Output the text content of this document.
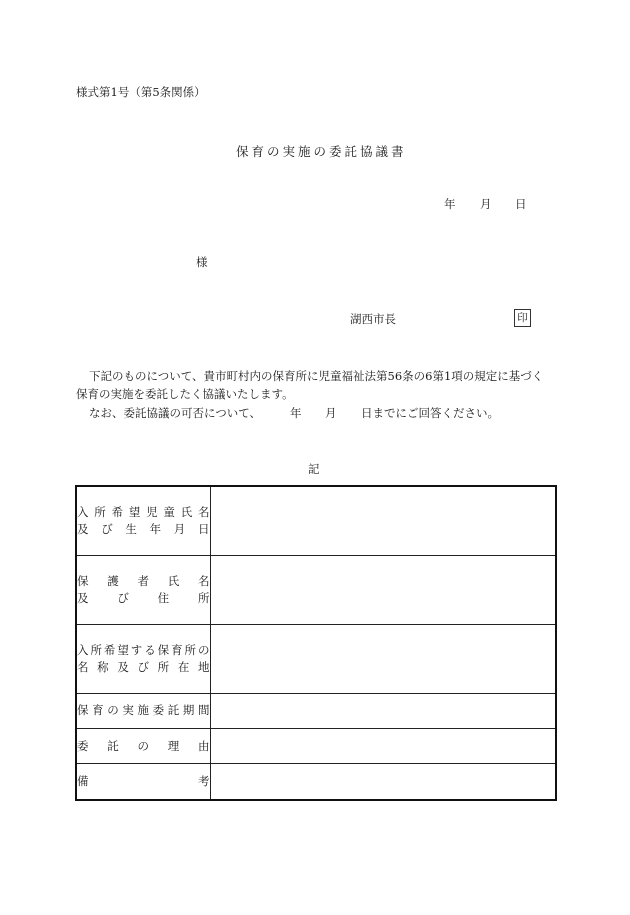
様式第1号（第5条関係）
保育の実施の委託協議書
年 月 日
様
湖西市長	印
下記のものについて、貴市町村内の保育所に児童福祉法第56条の6第1項の規定に基づく
保育の実施を委託したく協議いたします。
なお、委託協議の可否について、	年 月 日までにご回答ください。
記
入所希望児童氏名
及び生年月日	

保護者氏名
及び住所	

入所希望する保育所の
名称及び所在地	

保育の実施委託期間	

委託の理由	

備考	
